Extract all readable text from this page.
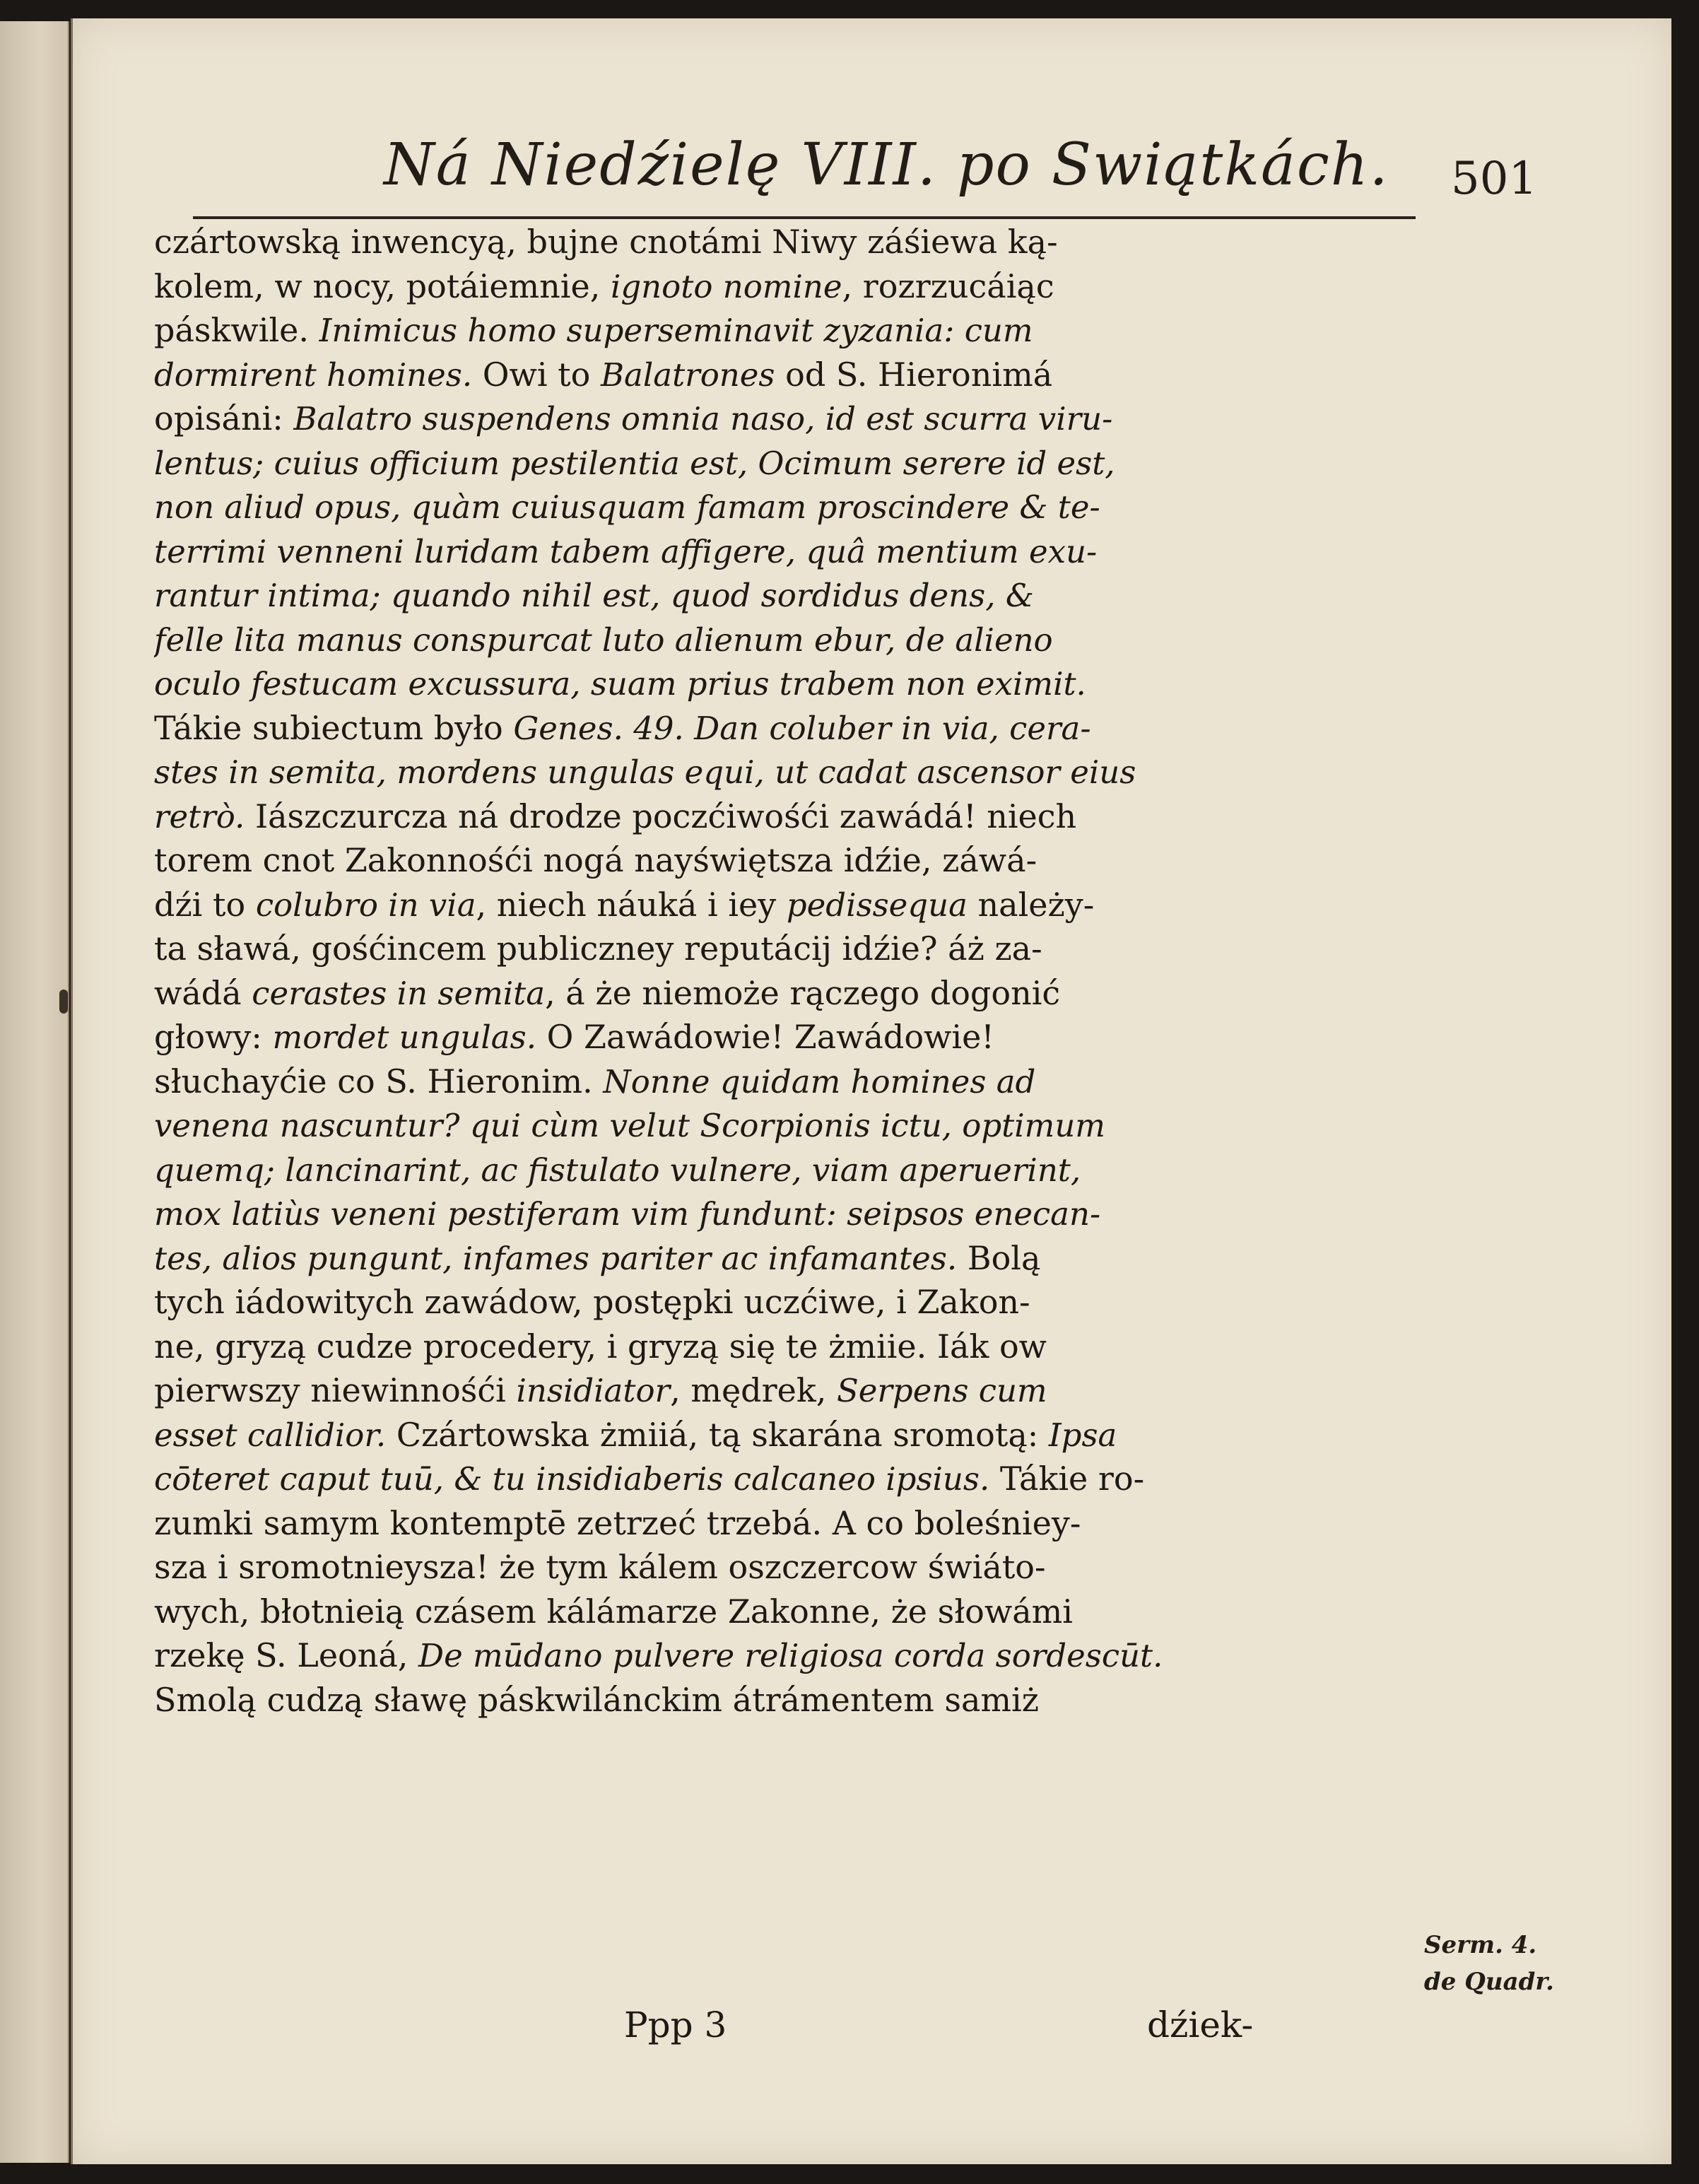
Ná Niedźielę VIII. po Swiątkách. 501
czártowską inwencyą, bujne cnotámi Niwy záśiewa ką-
kolem, w nocy, potáiemnie, ignoto nomine, rozrzucáiąc
páskwile. Inimicus homo superseminavit zyzania: cum
dormirent homines. Owi to Balatrones od S. Hieronimá
opisáni: Balatro suspendens omnia naso, id est scurra viru-
lentus; cuius officium pestilentia est, Ocimum serere id est,
non aliud opus, quàm cuiusquam famam proscindere & te-
terrimi venneni luridam tabem affigere, quâ mentium exu-
rantur intima; quando nihil est, quod sordidus dens, &
felle lita manus conspurcat luto alienum ebur, de alieno
oculo festucam excussura, suam prius trabem non eximit.
Tákie subiectum było Genes. 49. Dan coluber in via, cera-
stes in semita, mordens ungulas equi, ut cadat ascensor eius
retrò. Iászczurcza ná drodze poczćiwośći zawádá! niech
torem cnot Zakonnośći nogá nayświętsza idźie, záwá-
dźi to colubro in via, niech náuká i iey pedissequa należy-
ta sławá, gośćincem publiczney reputácij idźie? áż za-
wádá cerastes in semita, á że niemoże rączego dogonić
głowy: mordet ungulas. O Zawádowie! Zawádowie!
słuchayćie co S. Hieronim. Nonne quidam homines ad
venena nascuntur? qui cùm velut Scorpionis ictu, optimum
quemq; lancinarint, ac fistulato vulnere, viam aperuerint,
mox latiùs veneni pestiferam vim fundunt: seipsos enecan-
tes, alios pungunt, infames pariter ac infamantes. Bolą
tych iádowitych zawádow, postępki uczćiwe, i Zakon-
ne, gryzą cudze procedery, i gryzą się te żmiie. Iák ow
pierwszy niewinnośći insidiator, mędrek, Serpens cum
esset callidior. Czártowska żmiiá, tą skarána sromotą: Ipsa
cōteret caput tuū, & tu insidiaberis calcaneo ipsius. Tákie ro-
zumki samym kontemptē zetrzeć trzebá. A co boleśniey-
sza i sromotnieysza! że tym kálem oszczercow świáto-
wych, błotnieią czásem kálámarze Zakonne, że słowámi
rzekę S. Leoná, De mūdano pulvere religiosa corda sordescūt.
Smolą cudzą sławę páskwilánckim átrámentem samiż
Serm. 4.
de Quadr.
Ppp 3	dźiek-
